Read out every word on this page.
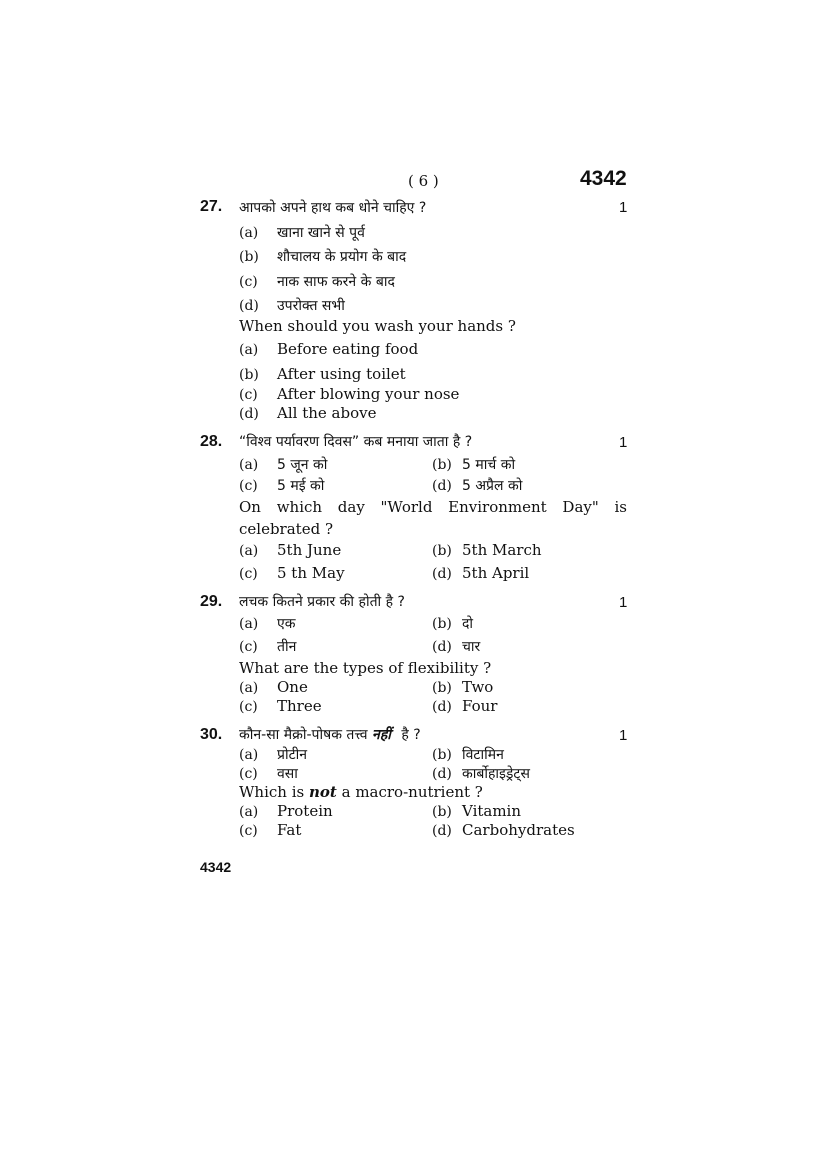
( 6 )	4342
27. आपको अपने हाथ कब धोने चाहिए ?	1
(a) खाना खाने से पूर्व
(b) शौचालय के प्रयोग के बाद
(c) नाक साफ करने के बाद
(d) उपरोक्त सभी
When should you wash your hands ?
(a) Before eating food
(b) After using toilet
(c) After blowing your nose
(d) All the above
28. “विश्व पर्यावरण दिवस” कब मनाया जाता है ?	1
(a) 5 जून को	(b) 5 मार्च को
(c) 5 मई को	(d) 5 अप्रैल को
On which day "World Environment Day" is
celebrated ?
(a) 5th June	(b) 5th March
(c) 5 th May	(d) 5th April
29. लचक कितने प्रकार की होती है ?	1
(a) एक	(b) दो
(c) तीन	(d) चार
What are the types of flexibility ?
(a) One	(b) Two
(c) Three	(d) Four
30. कौन-सा मैक्रो-पोषक तत्त्व नहीं है ?	1
(a) प्रोटीन	(b) विटामिन
(c) वसा	(d) कार्बोहाइड्रेट्स
Which is not a macro-nutrient ?
(a) Protein	(b) Vitamin
(c) Fat	(d) Carbohydrates
4342
